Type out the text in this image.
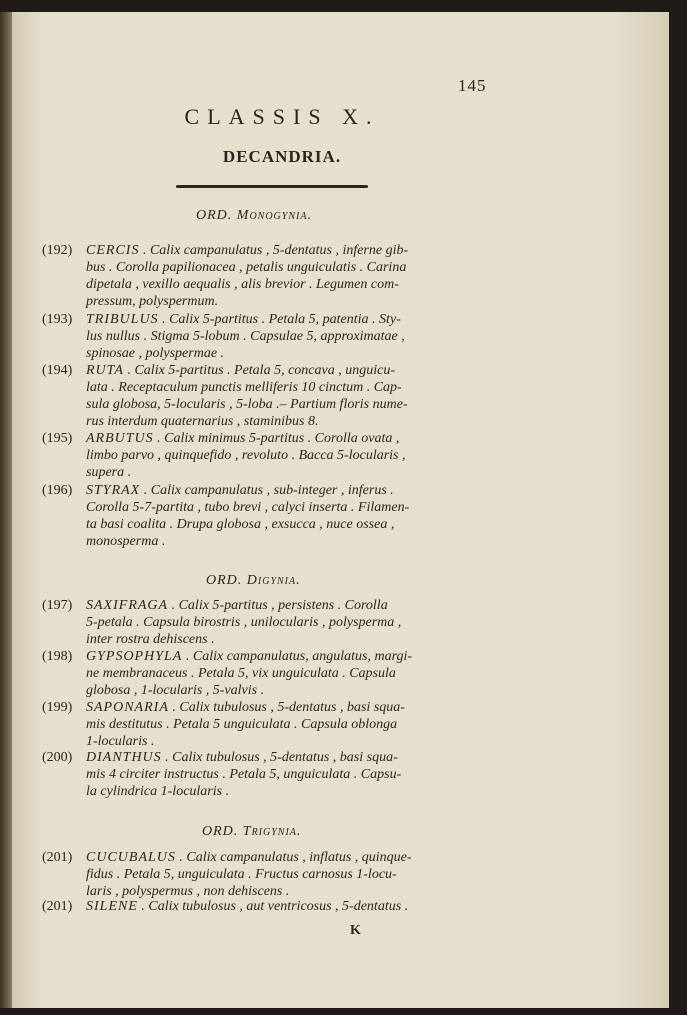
145
CLASSIS X.
DECANDRIA.
ORD. Monogynia.
ORD. Digynia.
ORD. Trigynia.
(192) CERCIS . Calix campanulatus , 5-dentatus , inferne gib-
bus . Corolla papilionacea , petalis unguiculatis . Carina
dipetala , vexillo aequalis , alis brevior . Legumen com-
pressum, polyspermum.
(193) TRIBULUS . Calix 5-partitus . Petala 5, patentia . Sty-
lus nullus . Stigma 5-lobum . Capsulae 5, approximatae ,
spinosae , polyspermae .
(194) RUTA . Calix 5-partitus . Petala 5, concava , unguicu-
lata . Receptaculum punctis melliferis 10 cinctum . Cap-
sula globosa, 5-locularis , 5-loba .– Partium floris nume-
rus interdum quaternarius , staminibus 8.
(195) ARBUTUS . Calix minimus 5-partitus . Corolla ovata ,
limbo parvo , quinquefido , revoluto . Bacca 5-locularis ,
supera .
(196) STYRAX . Calix campanulatus , sub-integer , inferus .
Corolla 5-7-partita , tubo brevi , calyci inserta . Filamen-
ta basi coalita . Drupa globosa , exsucca , nuce ossea ,
monosperma .
(197) SAXIFRAGA . Calix 5-partitus , persistens . Corolla
5-petala . Capsula birostris , unilocularis , polysperma ,
inter rostra dehiscens .
(198) GYPSOPHYLA . Calix campanulatus, angulatus, margi-
ne membranaceus . Petala 5, vix unguiculata . Capsula
globosa , 1-locularis , 5-valvis .
(199) SAPONARIA . Calix tubulosus , 5-dentatus , basi squa-
mis destitutus . Petala 5 unguiculata . Capsula oblonga
1-locularis .
(200) DIANTHUS . Calix tubulosus , 5-dentatus , basi squa-
mis 4 circiter instructus . Petala 5, unguiculata . Capsu-
la cylindrica 1-locularis .
(201) CUCUBALUS . Calix campanulatus , inflatus , quinque-
fidus . Petala 5, unguiculata . Fructus carnosus 1-locu-
laris , polyspermus , non dehiscens .
(201) SILENE . Calix tubulosus , aut ventricosus , 5-dentatus .
K
